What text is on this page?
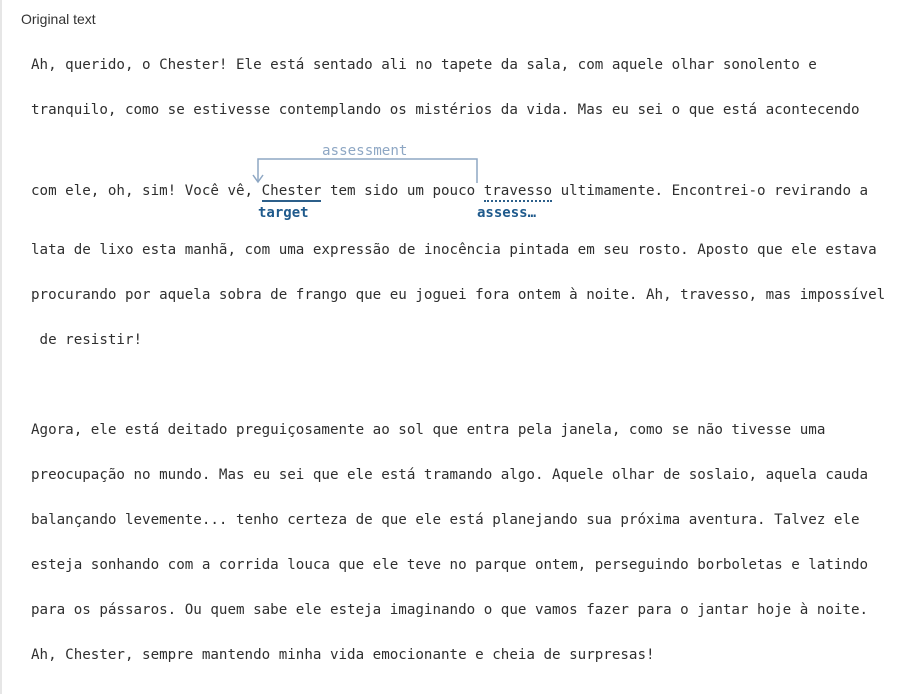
Original text
Ah, querido, o Chester! Ele está sentado ali no tapete da sala, com aquele olhar sonolento e
tranquilo, como se estivesse contemplando os mistérios da vida. Mas eu sei o que está acontecendo
assessment
com ele, oh, sim! Você vê, Chester tem sido um pouco travesso ultimamente. Encontrei-o revirando a
target	assess…
lata de lixo esta manhã, com uma expressão de inocência pintada em seu rosto. Aposto que ele estava
procurando por aquela sobra de frango que eu joguei fora ontem à noite. Ah, travesso, mas impossível
de resistir!
Agora, ele está deitado preguiçosamente ao sol que entra pela janela, como se não tivesse uma
preocupação no mundo. Mas eu sei que ele está tramando algo. Aquele olhar de soslaio, aquela cauda
balançando levemente... tenho certeza de que ele está planejando sua próxima aventura. Talvez ele
esteja sonhando com a corrida louca que ele teve no parque ontem, perseguindo borboletas e latindo
para os pássaros. Ou quem sabe ele esteja imaginando o que vamos fazer para o jantar hoje à noite.
Ah, Chester, sempre mantendo minha vida emocionante e cheia de surpresas!
